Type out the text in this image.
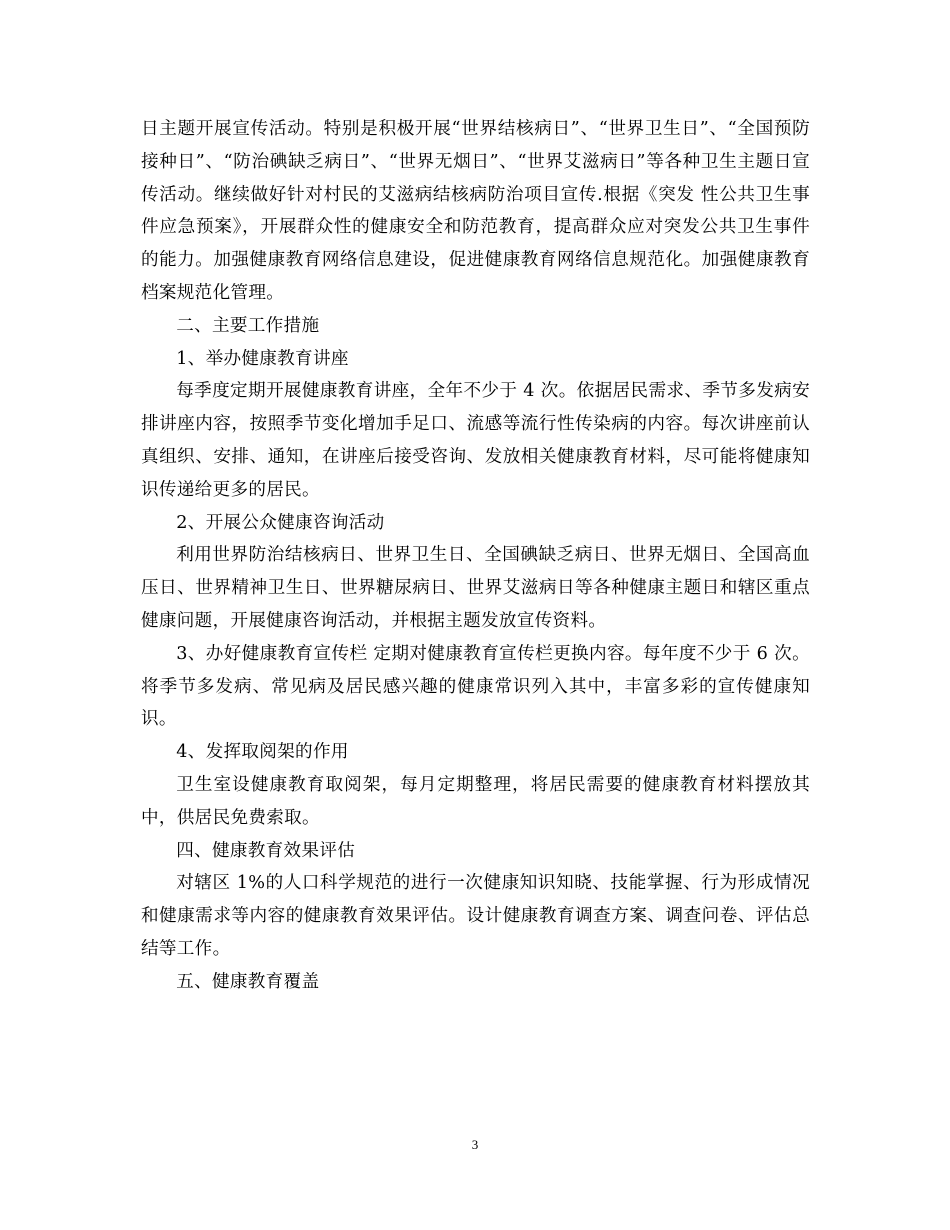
日主题开展宣传活动。特别是积极开展“世界结核病日”、“世界卫生日”、“全国预防接种日”、“防治碘缺乏病日”、“世界无烟日”、“世界艾滋病日”等各种卫生主题日宣传活动。继续做好针对村民的艾滋病结核病防治项目宣传.根据《突发 性公共卫生事件应急预案》，开展群众性的健康安全和防范教育，提高群众应对突发公共卫生事件的能力。加强健康教育网络信息建设，促进健康教育网络信息规范化。加强健康教育档案规范化管理。

二、主要工作措施

1、举办健康教育讲座

每季度定期开展健康教育讲座，全年不少于 4 次。依据居民需求、季节多发病安排讲座内容，按照季节变化增加手足口、流感等流行性传染病的内容。每次讲座前认真组织、安排、通知，在讲座后接受咨询、发放相关健康教育材料，尽可能将健康知识传递给更多的居民。

2、开展公众健康咨询活动

利用世界防治结核病日、世界卫生日、全国碘缺乏病日、世界无烟日、全国高血压日、世界精神卫生日、世界糖尿病日、世界艾滋病日等各种健康主题日和辖区重点健康问题，开展健康咨询活动，并根据主题发放宣传资料。

3、办好健康教育宣传栏 定期对健康教育宣传栏更换内容。每年度不少于 6 次。将季节多发病、常见病及居民感兴趣的健康常识列入其中，丰富多彩的宣传健康知识。

4、发挥取阅架的作用

卫生室设健康教育取阅架，每月定期整理，将居民需要的健康教育材料摆放其中，供居民免费索取。

四、健康教育效果评估

对辖区 1%的人口科学规范的进行一次健康知识知晓、技能掌握、行为形成情况和健康需求等内容的健康教育效果评估。设计健康教育调查方案、调查问卷、评估总结等工作。

五、健康教育覆盖

3
